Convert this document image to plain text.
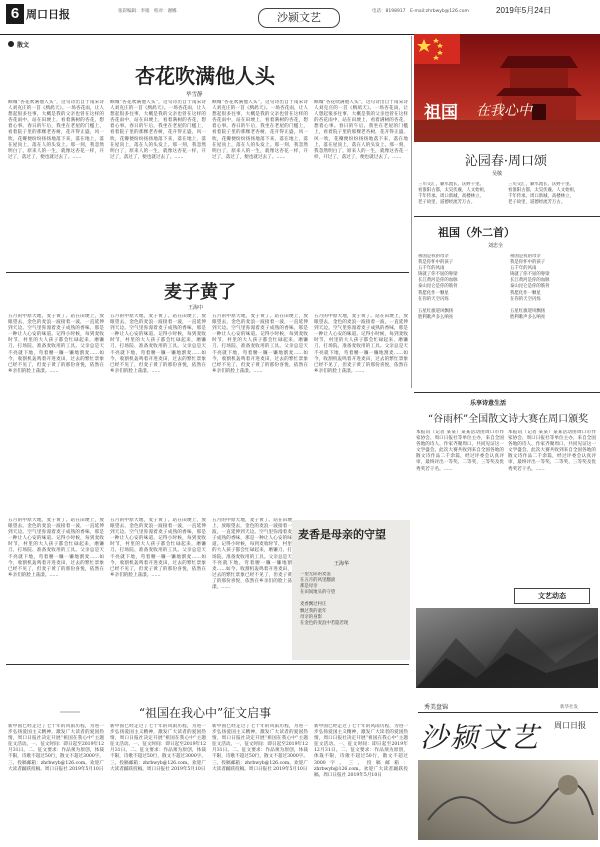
6 周口日报	张彩编辑：李娟　校对：谢娜	沙颍文艺	电话：8198917　E-mail:zhrbwyb@126.com	2019年5月24日
散文
杏花吹满他人头
毕雪静
顾城“杏花吹满他人头”，这句诗出自于南宋诗人刘克庄的一首《鹧鸪天》。一场杏花雨，让人想起很多往事，大概是我的父亲也曾在这样的杏花雨中，站在田埂上，看着满树的杏花，想着心事。春日的午后，我坐在老屋的门槛上，看着院子里的那棵老杏树，花开得正盛，风一吹，花瓣便纷纷扬扬地落下来，落在地上，落在屋顶上，落在人的头发上。那一刻，我忽然明白了，原来人的一生，就像这杏花一样，开过了，落过了，便也就过去了。……
顾城“杏花吹满他人头”，这句诗出自于南宋诗人刘克庄的一首《鹧鸪天》。一场杏花雨，让人想起很多往事，大概是我的父亲也曾在这样的杏花雨中，站在田埂上，看着满树的杏花，想着心事。春日的午后，我坐在老屋的门槛上，看着院子里的那棵老杏树，花开得正盛，风一吹，花瓣便纷纷扬扬地落下来，落在地上，落在屋顶上，落在人的头发上。那一刻，我忽然明白了，原来人的一生，就像这杏花一样，开过了，落过了，便也就过去了。……
顾城“杏花吹满他人头”，这句诗出自于南宋诗人刘克庄的一首《鹧鸪天》。一场杏花雨，让人想起很多往事，大概是我的父亲也曾在这样的杏花雨中，站在田埂上，看着满树的杏花，想着心事。春日的午后，我坐在老屋的门槛上，看着院子里的那棵老杏树，花开得正盛，风一吹，花瓣便纷纷扬扬地落下来，落在地上，落在屋顶上，落在人的头发上。那一刻，我忽然明白了，原来人的一生，就像这杏花一样，开过了，落过了，便也就过去了。……
顾城“杏花吹满他人头”，这句诗出自于南宋诗人刘克庄的一首《鹧鸪天》。一场杏花雨，让人想起很多往事，大概是我的父亲也曾在这样的杏花雨中，站在田埂上，看着满树的杏花，想着心事。春日的午后，我坐在老屋的门槛上，看着院子里的那棵老杏树，花开得正盛，风一吹，花瓣便纷纷扬扬地落下来，落在地上，落在屋顶上，落在人的头发上。那一刻，我忽然明白了，原来人的一生，就像这杏花一样，开过了，落过了，便也就过去了。……
祖国 在我心中
沁园春·周口颂
吴敬
三川交汇，颍水流长，沃野千里。
看淮阳古都，太昊伏羲，人文始祖，
千年传承。周口新城，高楼林立，
老子故里，道德经流芳万古。
三川交汇，颍水流长，沃野千里。
看淮阳古都，太昊伏羲，人文始祖，
千年传承。周口新城，高楼林立，
老子故里，道德经流芳万古。
祖国（外二首）
刘忠全
祖国是我的母亲
我是你怀中的孩子
五千年的风雨
铸就了你不屈的脊梁
长江黄河是你的血脉
泰山昆仑是你的筋骨
我愿化作一颗星
在你的天空闪烁

五星红旗迎风飘扬
胜利歌声多么响亮
祖国是我的母亲
我是你怀中的孩子
五千年的风雨
铸就了你不屈的脊梁
长江黄河是你的血脉
泰山昆仑是你的筋骨
我愿化作一颗星
在你的天空闪烁

五星红旗迎风飘扬
胜利歌声多么响亮
麦子黄了
王海中
五月的中原大地，麦子黄了。站在田埂上，放眼望去，金色的麦浪一波接着一波，一直延伸到天边。空气里弥漫着麦子成熟的香味，那是一种让人心安的味道。记得小时候，每到麦收时节，村里的大人孩子都会忙碌起来，磨镰刀、打场院、准备麦收用的工具。父亲总是天不亮就下地，弯着腰一镰一镰地割麦……如今，收割机轰鸣着开进麦田，过去的繁忙景象已经不见了，但麦子黄了的那份喜悦，依然在乡亲们的脸上荡漾。……
五月的中原大地，麦子黄了。站在田埂上，放眼望去，金色的麦浪一波接着一波，一直延伸到天边。空气里弥漫着麦子成熟的香味，那是一种让人心安的味道。记得小时候，每到麦收时节，村里的大人孩子都会忙碌起来，磨镰刀、打场院、准备麦收用的工具。父亲总是天不亮就下地，弯着腰一镰一镰地割麦……如今，收割机轰鸣着开进麦田，过去的繁忙景象已经不见了，但麦子黄了的那份喜悦，依然在乡亲们的脸上荡漾。……
五月的中原大地，麦子黄了。站在田埂上，放眼望去，金色的麦浪一波接着一波，一直延伸到天边。空气里弥漫着麦子成熟的香味，那是一种让人心安的味道。记得小时候，每到麦收时节，村里的大人孩子都会忙碌起来，磨镰刀、打场院、准备麦收用的工具。父亲总是天不亮就下地，弯着腰一镰一镰地割麦……如今，收割机轰鸣着开进麦田，过去的繁忙景象已经不见了，但麦子黄了的那份喜悦，依然在乡亲们的脸上荡漾。……
五月的中原大地，麦子黄了。站在田埂上，放眼望去，金色的麦浪一波接着一波，一直延伸到天边。空气里弥漫着麦子成熟的香味，那是一种让人心安的味道。记得小时候，每到麦收时节，村里的大人孩子都会忙碌起来，磨镰刀、打场院、准备麦收用的工具。父亲总是天不亮就下地，弯着腰一镰一镰地割麦……如今，收割机轰鸣着开进麦田，过去的繁忙景象已经不见了，但麦子黄了的那份喜悦，依然在乡亲们的脸上荡漾。……
五月的中原大地，麦子黄了。站在田埂上，放眼望去，金色的麦浪一波接着一波，一直延伸到天边。空气里弥漫着麦子成熟的香味，那是一种让人心安的味道。记得小时候，每到麦收时节，村里的大人孩子都会忙碌起来，磨镰刀、打场院、准备麦收用的工具。父亲总是天不亮就下地，弯着腰一镰一镰地割麦……如今，收割机轰鸣着开进麦田，过去的繁忙景象已经不见了，但麦子黄了的那份喜悦，依然在乡亲们的脸上荡漾。……
五月的中原大地，麦子黄了。站在田埂上，放眼望去，金色的麦浪一波接着一波，一直延伸到天边。空气里弥漫着麦子成熟的香味，那是一种让人心安的味道。记得小时候，每到麦收时节，村里的大人孩子都会忙碌起来，磨镰刀、打场院、准备麦收用的工具。父亲总是天不亮就下地，弯着腰一镰一镰地割麦……如今，收割机轰鸣着开进麦田，过去的繁忙景象已经不见了，但麦子黄了的那份喜悦，依然在乡亲们的脸上荡漾。……
五月的中原大地，麦子黄了。站在田埂上，放眼望去，金色的麦浪一波接着一波，一直延伸到天边。空气里弥漫着麦子成熟的香味，那是一种让人心安的味道。记得小时候，每到麦收时节，村里的大人孩子都会忙碌起来，磨镰刀、打场院、准备麦收用的工具。父亲总是天不亮就下地，弯着腰一镰一镰地割麦……如今，收割机轰鸣着开进麦田，过去的繁忙景象已经不见了，但麦子黄了的那份喜悦，依然在乡亲们的脸上荡漾。……
麦香是母亲的守望
王海华
一望无际的麦浪
在五月的风里翻滚
那是母亲
在田间地头的守望

麦香飘过村庄
飘过我的童年
母亲的身影
在金色的麦浪中若隐若现
乐享诗意生活
“谷雨杯”全国散文诗大赛在周口颁奖
本报讯（记者 某某）某某活动由周口市作家协会、周口日报社等单位主办，来自全国各地的诗人、作家齐聚周口，共同见证这一文学盛会。此次大赛共收到来自全国各地的散文诗作品二千余篇，经过评委会认真评审，最终评出一等奖、二等奖、三等奖及优秀奖若干名。……
本报讯（记者 某某）某某活动由周口市作家协会、周口日报社等单位主办，来自全国各地的诗人、作家齐聚周口，共同见证这一文学盛会。此次大赛共收到来自全国各地的散文诗作品二千余篇，经过评委会认真评审，最终评出一等奖、二等奖、三等奖及优秀奖若干名。……
文艺动态
秀美盘锦	新华社发
沙颍文艺 周口日报
“祖国在我心中”征文启事
新中国已经走过了七十年的风雨历程，为进一步弘扬爱国主义精神，激发广大读者的爱国热情，周口日报社决定开展“祖国在我心中”主题征文活动。一、征文时间：即日起至2019年12月31日。二、征文要求：作品须为原创，体裁不限，诗歌不超过50行，散文不超过3000字。三、投稿邮箱：zhrbwyb@126.com。欢迎广大读者踊跃投稿。周口日报社 2019年5月10日
新中国已经走过了七十年的风雨历程，为进一步弘扬爱国主义精神，激发广大读者的爱国热情，周口日报社决定开展“祖国在我心中”主题征文活动。一、征文时间：即日起至2019年12月31日。二、征文要求：作品须为原创，体裁不限，诗歌不超过50行，散文不超过3000字。三、投稿邮箱：zhrbwyb@126.com。欢迎广大读者踊跃投稿。周口日报社 2019年5月10日
新中国已经走过了七十年的风雨历程，为进一步弘扬爱国主义精神，激发广大读者的爱国热情，周口日报社决定开展“祖国在我心中”主题征文活动。一、征文时间：即日起至2019年12月31日。二、征文要求：作品须为原创，体裁不限，诗歌不超过50行，散文不超过3000字。三、投稿邮箱：zhrbwyb@126.com。欢迎广大读者踊跃投稿。周口日报社 2019年5月10日
新中国已经走过了七十年的风雨历程，为进一步弘扬爱国主义精神，激发广大读者的爱国热情，周口日报社决定开展“祖国在我心中”主题征文活动。一、征文时间：即日起至2019年12月31日。二、征文要求：作品须为原创，体裁不限，诗歌不超过50行，散文不超过3000字。三、投稿邮箱：zhrbwyb@126.com。欢迎广大读者踊跃投稿。周口日报社 2019年5月10日
